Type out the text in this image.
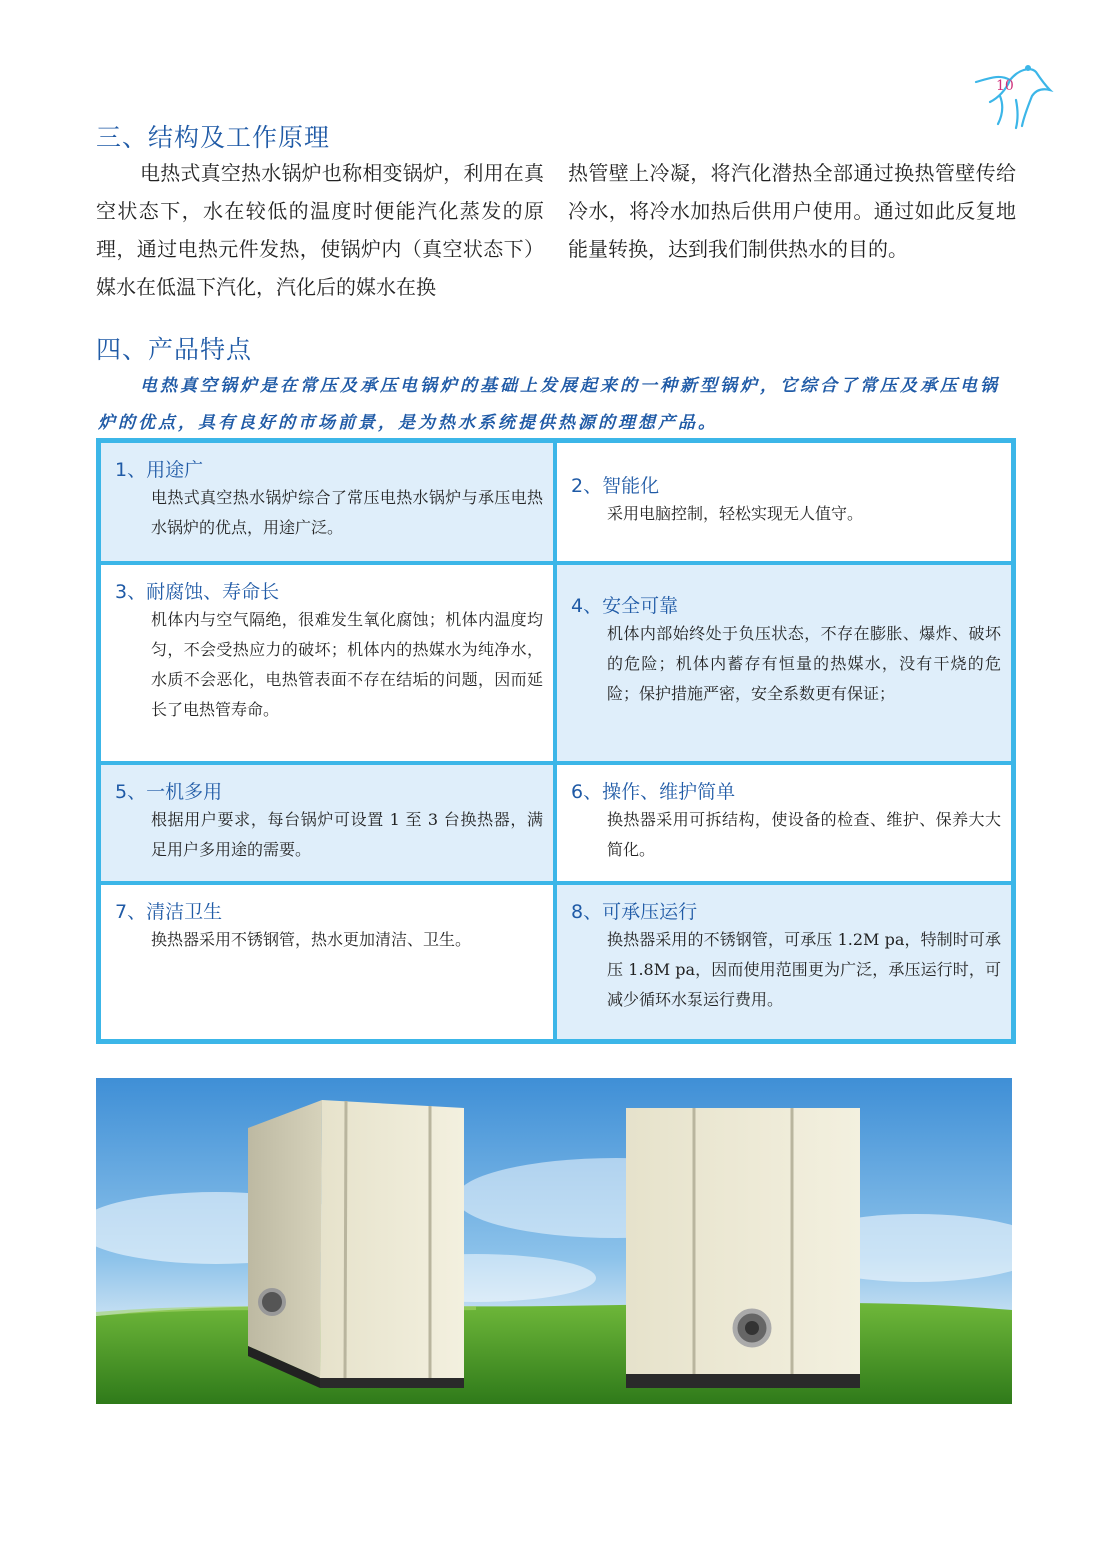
10
三、结构及工作原理

电热式真空热水锅炉也称相变锅炉，利用在真空状态下，水在较低的温度时便能汽化蒸发的原理，通过电热元件发热，使锅炉内（真空状态下）媒水在低温下汽化，汽化后的媒水在换

热管壁上冷凝，将汽化潜热全部通过换热管壁传给冷水，将冷水加热后供用户使用。通过如此反复地能量转换，达到我们制供热水的目的。

四、产品特点

电热真空锅炉是在常压及承压电锅炉的基础上发展起来的一种新型锅炉，它综合了常压及承压电锅炉的优点，具有良好的市场前景，是为热水系统提供热源的理想产品。

1、用途广
电热式真空热水锅炉综合了常压电热水锅炉与承压电热水锅炉的优点，用途广泛。
2、智能化
采用电脑控制，轻松实现无人值守。
3、耐腐蚀、寿命长
机体内与空气隔绝，很难发生氧化腐蚀；机体内温度均匀，不会受热应力的破坏；机体内的热媒水为纯净水，水质不会恶化，电热管表面不存在结垢的问题，因而延长了电热管寿命。
4、安全可靠
机体内部始终处于负压状态，不存在膨胀、爆炸、破坏的危险；机体内蓄存有恒量的热媒水，没有干烧的危险；保护措施严密，安全系数更有保证；
5、一机多用
根据用户要求，每台锅炉可设置 1 至 3 台换热器，满足用户多用途的需要。
6、操作、维护简单
换热器采用可拆结构，使设备的检查、维护、保养大大简化。
7、清洁卫生
换热器采用不锈钢管，热水更加清洁、卫生。
8、可承压运行
换热器采用的不锈钢管，可承压 1.2M pa，特制时可承压 1.8M pa，因而使用范围更为广泛，承压运行时，可减少循环水泵运行费用。
